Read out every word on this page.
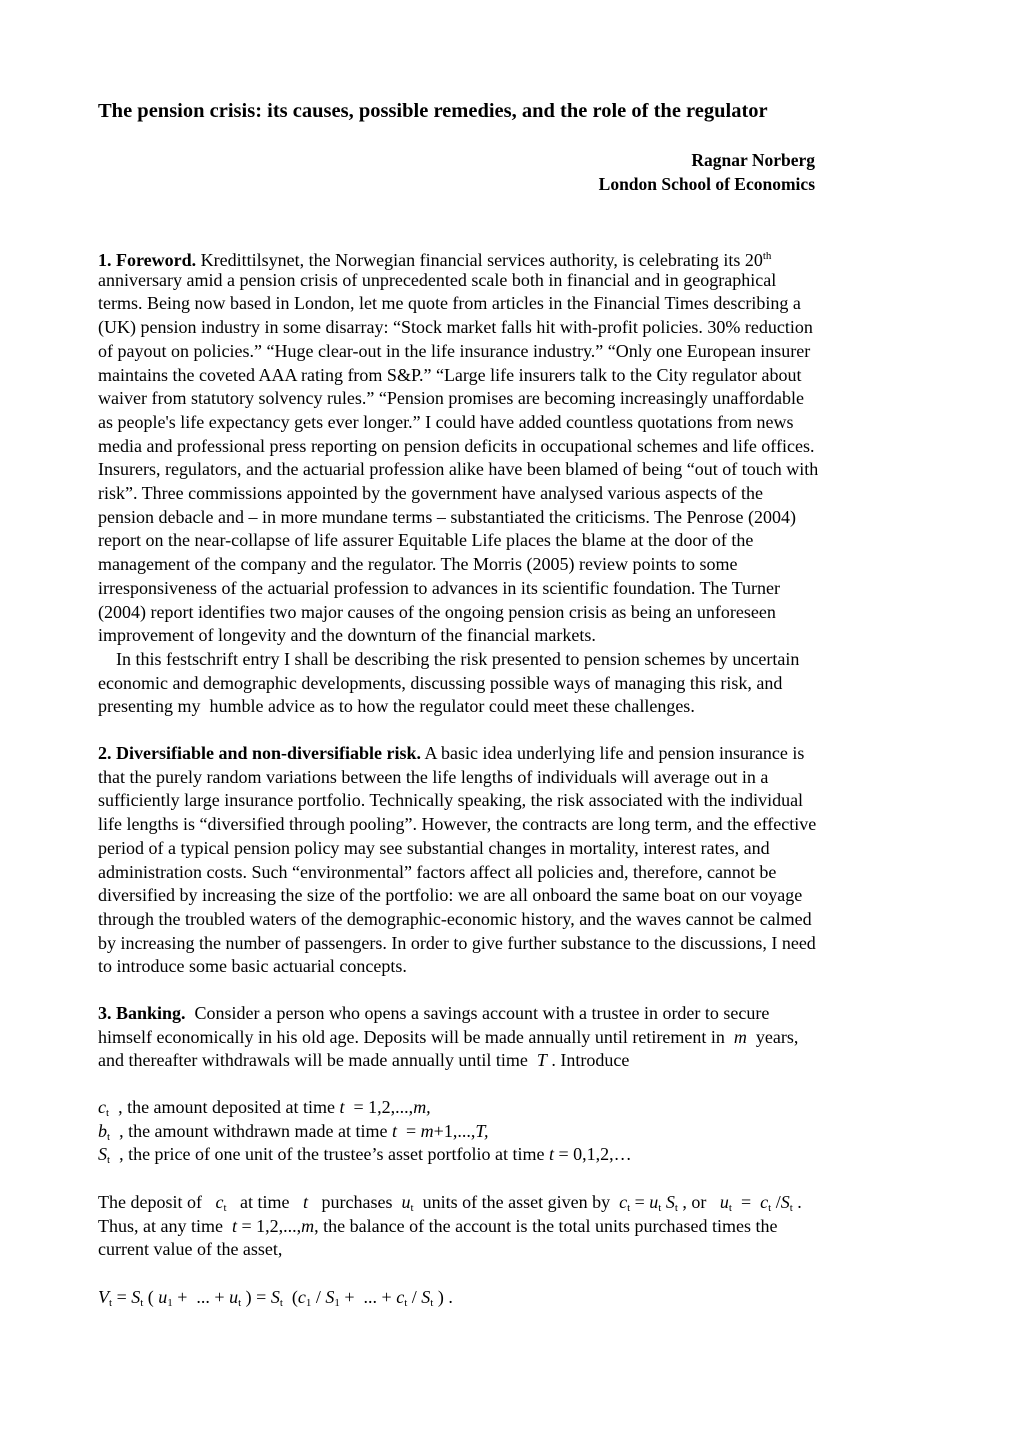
The pension crisis: its causes, possible remedies, and the role of the regulator
Ragnar Norberg
London School of Economics
1. Foreword. Kredittilsynet, the Norwegian financial services authority, is celebrating its 20th
anniversary amid a pension crisis of unprecedented scale both in financial and in geographical
terms. Being now based in London, let me quote from articles in the Financial Times describing a
(UK) pension industry in some disarray: “Stock market falls hit with-profit policies. 30% reduction
of payout on policies.” “Huge clear-out in the life insurance industry.” “Only one European insurer
maintains the coveted AAA rating from S&P.” “Large life insurers talk to the City regulator about
waiver from statutory solvency rules.” “Pension promises are becoming increasingly unaffordable
as people's life expectancy gets ever longer.” I could have added countless quotations from news
media and professional press reporting on pension deficits in occupational schemes and life offices.
Insurers, regulators, and the actuarial profession alike have been blamed of being “out of touch with
risk”. Three commissions appointed by the government have analysed various aspects of the
pension debacle and – in more mundane terms – substantiated the criticisms. The Penrose (2004)
report on the near-collapse of life assurer Equitable Life places the blame at the door of the
management of the company and the regulator. The Morris (2005) review points to some
irresponsiveness of the actuarial profession to advances in its scientific foundation. The Turner
(2004) report identifies two major causes of the ongoing pension crisis as being an unforeseen
improvement of longevity and the downturn of the financial markets.
In this festschrift entry I shall be describing the risk presented to pension schemes by uncertain
economic and demographic developments, discussing possible ways of managing this risk, and
presenting my  humble advice as to how the regulator could meet these challenges.
2. Diversifiable and non-diversifiable risk. A basic idea underlying life and pension insurance is
that the purely random variations between the life lengths of individuals will average out in a
sufficiently large insurance portfolio. Technically speaking, the risk associated with the individual
life lengths is “diversified through pooling”. However, the contracts are long term, and the effective
period of a typical pension policy may see substantial changes in mortality, interest rates, and
administration costs. Such “environmental” factors affect all policies and, therefore, cannot be
diversified by increasing the size of the portfolio: we are all onboard the same boat on our voyage
through the troubled waters of the demographic-economic history, and the waves cannot be calmed
by increasing the number of passengers. In order to give further substance to the discussions, I need
to introduce some basic actuarial concepts.
3. Banking.  Consider a person who opens a savings account with a trustee in order to secure
himself economically in his old age. Deposits will be made annually until retirement in  m  years,
and thereafter withdrawals will be made annually until time  T . Introduce
$c_t$  , the amount deposited at time t  = 1,2,...,m,
$b_t$  , the amount withdrawn made at time t  = m+1,...,T,
$S_t$  , the price of one unit of the trustee’s asset portfolio at time t = 0,1,2,…
The deposit of   $c_t$   at time   t   purchases  $u_t$  units of the asset given by  $c_t = u_t$ $S_t$ , or   $u_t = c_t$ $/S_t$ .
Thus, at any time  t = 1,2,...,m, the balance of the account is the total units purchased times the
current value of the asset,
$V_t = S_t$ ( $u_1$ +  ... + $u_t$ ) = $S_t$  ($c_1 / S_1$ +  ... + $c_t / S_t$ ) .
